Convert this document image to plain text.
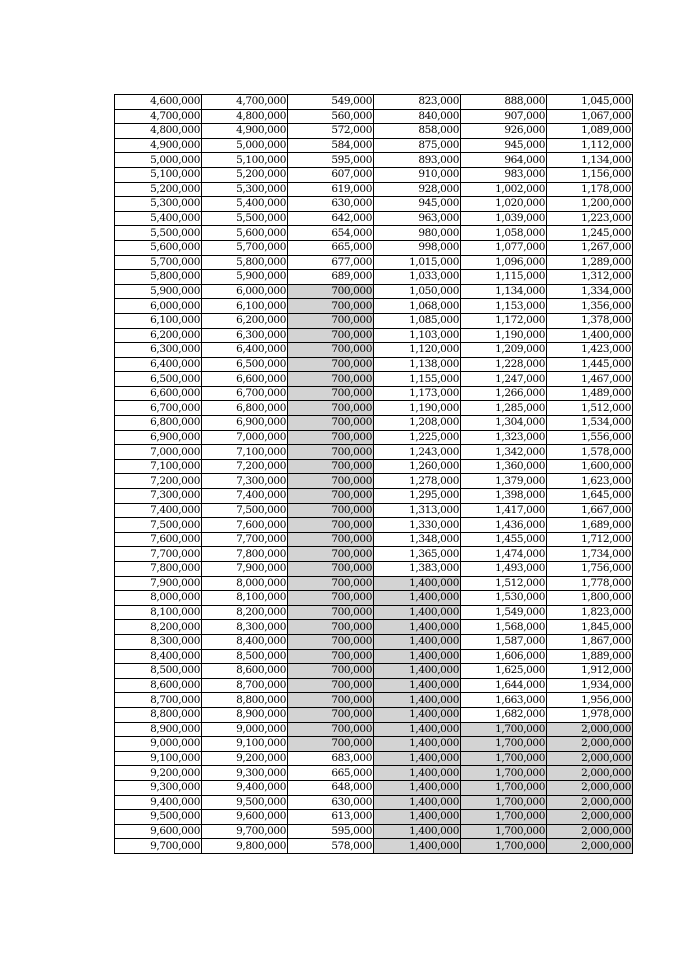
4,600,000	4,700,000	549,000	823,000	888,000	1,045,000
4,700,000	4,800,000	560,000	840,000	907,000	1,067,000
4,800,000	4,900,000	572,000	858,000	926,000	1,089,000
4,900,000	5,000,000	584,000	875,000	945,000	1,112,000
5,000,000	5,100,000	595,000	893,000	964,000	1,134,000
5,100,000	5,200,000	607,000	910,000	983,000	1,156,000
5,200,000	5,300,000	619,000	928,000	1,002,000	1,178,000
5,300,000	5,400,000	630,000	945,000	1,020,000	1,200,000
5,400,000	5,500,000	642,000	963,000	1,039,000	1,223,000
5,500,000	5,600,000	654,000	980,000	1,058,000	1,245,000
5,600,000	5,700,000	665,000	998,000	1,077,000	1,267,000
5,700,000	5,800,000	677,000	1,015,000	1,096,000	1,289,000
5,800,000	5,900,000	689,000	1,033,000	1,115,000	1,312,000
5,900,000	6,000,000	700,000	1,050,000	1,134,000	1,334,000
6,000,000	6,100,000	700,000	1,068,000	1,153,000	1,356,000
6,100,000	6,200,000	700,000	1,085,000	1,172,000	1,378,000
6,200,000	6,300,000	700,000	1,103,000	1,190,000	1,400,000
6,300,000	6,400,000	700,000	1,120,000	1,209,000	1,423,000
6,400,000	6,500,000	700,000	1,138,000	1,228,000	1,445,000
6,500,000	6,600,000	700,000	1,155,000	1,247,000	1,467,000
6,600,000	6,700,000	700,000	1,173,000	1,266,000	1,489,000
6,700,000	6,800,000	700,000	1,190,000	1,285,000	1,512,000
6,800,000	6,900,000	700,000	1,208,000	1,304,000	1,534,000
6,900,000	7,000,000	700,000	1,225,000	1,323,000	1,556,000
7,000,000	7,100,000	700,000	1,243,000	1,342,000	1,578,000
7,100,000	7,200,000	700,000	1,260,000	1,360,000	1,600,000
7,200,000	7,300,000	700,000	1,278,000	1,379,000	1,623,000
7,300,000	7,400,000	700,000	1,295,000	1,398,000	1,645,000
7,400,000	7,500,000	700,000	1,313,000	1,417,000	1,667,000
7,500,000	7,600,000	700,000	1,330,000	1,436,000	1,689,000
7,600,000	7,700,000	700,000	1,348,000	1,455,000	1,712,000
7,700,000	7,800,000	700,000	1,365,000	1,474,000	1,734,000
7,800,000	7,900,000	700,000	1,383,000	1,493,000	1,756,000
7,900,000	8,000,000	700,000	1,400,000	1,512,000	1,778,000
8,000,000	8,100,000	700,000	1,400,000	1,530,000	1,800,000
8,100,000	8,200,000	700,000	1,400,000	1,549,000	1,823,000
8,200,000	8,300,000	700,000	1,400,000	1,568,000	1,845,000
8,300,000	8,400,000	700,000	1,400,000	1,587,000	1,867,000
8,400,000	8,500,000	700,000	1,400,000	1,606,000	1,889,000
8,500,000	8,600,000	700,000	1,400,000	1,625,000	1,912,000
8,600,000	8,700,000	700,000	1,400,000	1,644,000	1,934,000
8,700,000	8,800,000	700,000	1,400,000	1,663,000	1,956,000
8,800,000	8,900,000	700,000	1,400,000	1,682,000	1,978,000
8,900,000	9,000,000	700,000	1,400,000	1,700,000	2,000,000
9,000,000	9,100,000	700,000	1,400,000	1,700,000	2,000,000
9,100,000	9,200,000	683,000	1,400,000	1,700,000	2,000,000
9,200,000	9,300,000	665,000	1,400,000	1,700,000	2,000,000
9,300,000	9,400,000	648,000	1,400,000	1,700,000	2,000,000
9,400,000	9,500,000	630,000	1,400,000	1,700,000	2,000,000
9,500,000	9,600,000	613,000	1,400,000	1,700,000	2,000,000
9,600,000	9,700,000	595,000	1,400,000	1,700,000	2,000,000
9,700,000	9,800,000	578,000	1,400,000	1,700,000	2,000,000
